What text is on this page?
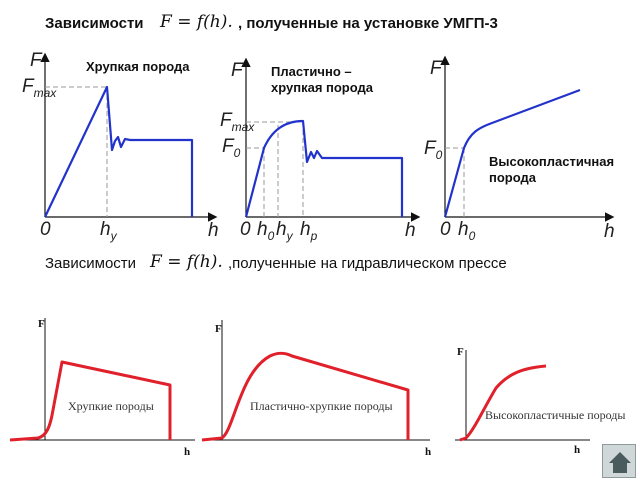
Зависимости F = f(h). , полученные на установке УМГП-3
Зависимости F = f(h). ,полученные на гидравлическом прессе
Хрупкая порода
F
$F_{max}$
0	$h_y$	h
Пластично –
хрупкая порода
F
$F_{max}$
$F_0$
0 $h_0$ $h_y$ $h_p$	h
Высокопластичная
порода
F
$F_0$
0 $h_0$	h
F
h
Хрупкие породы
F
h
Пластично-хрупкие породы
F
h
Высокопластичные породы
